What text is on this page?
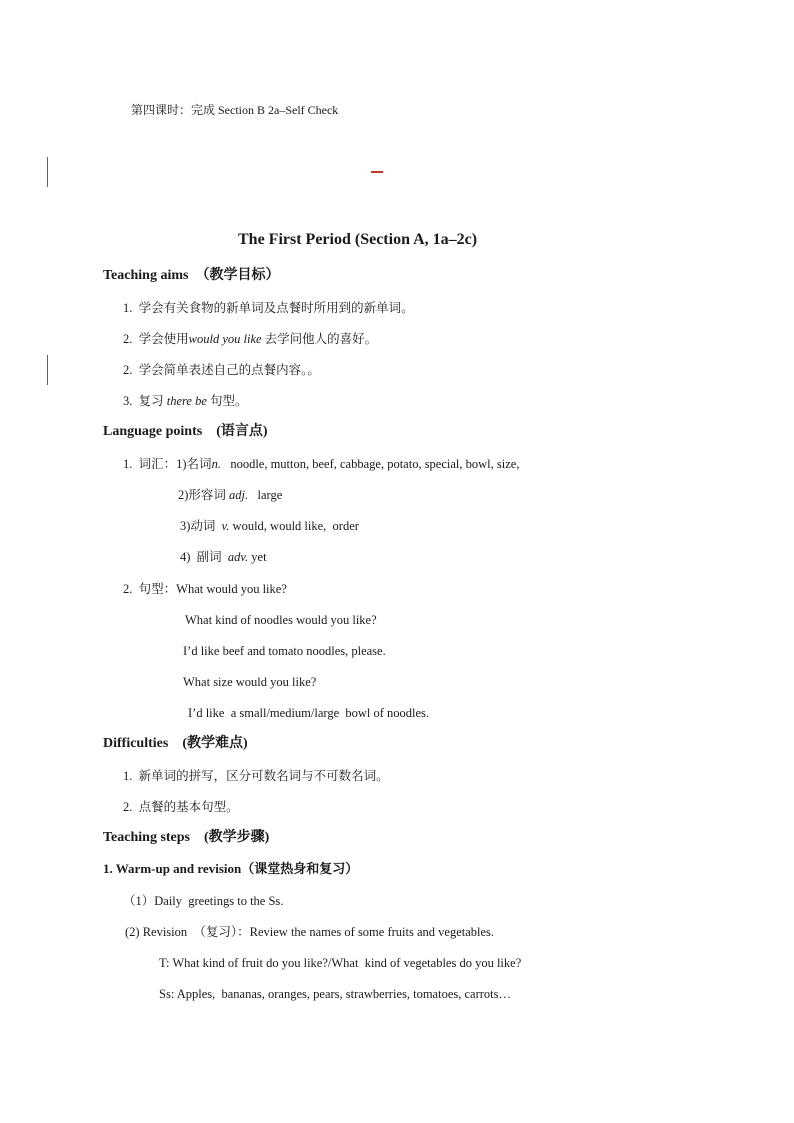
第四课时：完成 Section B 2a–Self Check
The First Period (Section A, 1a–2c)
Teaching aims　（教学目标）
1. 学会有关食物的新单词及点餐时所用到的新单词。
2. 学会使用would you like 去学问他人的喜好。
2. 学会简单表述自己的点餐内容。。
3. 复习 there be 句型。
Language points　(语言点)
1. 词汇：1)名词n.   noodle, mutton, beef, cabbage, potato, special, bowl, size,
2)形容词 adj.   large
3)动词  v. would, would like,  order
4)  副词  adv. yet
2. 句型：What would you like?
What kind of noodles would you like?
I’d like beef and tomato noodles, please.
What size would you like?
I’d like  a small/medium/large  bowl of noodles.
Difficulties　(教学难点)
1. 新单词的拼写，区分可数名词与不可数名词。
2. 点餐的基本句型。
Teaching steps　(教学步骤)
1. Warm-up and revision（课堂热身和复习）
（1）Daily  greetings to the Ss.
(2) Revision　（复习）：Review the names of some fruits and vegetables.
T: What kind of fruit do you like?/What  kind of vegetables do you like?
Ss: Apples,  bananas, oranges, pears, strawberries, tomatoes, carrots…
